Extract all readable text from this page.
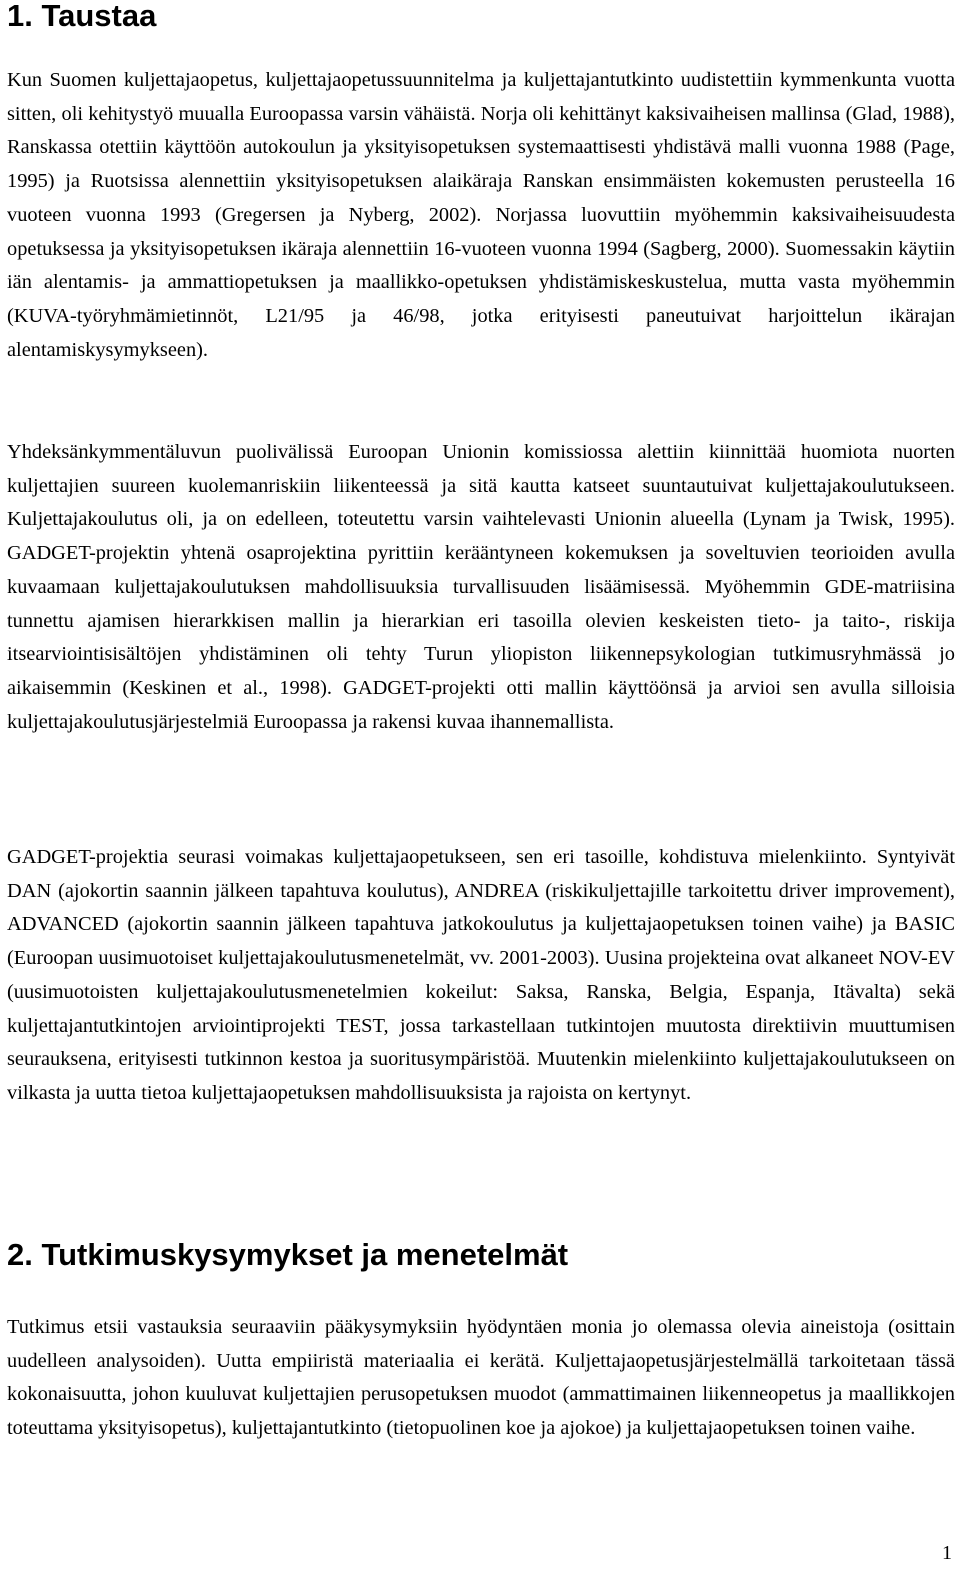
1. Taustaa

Kun Suomen kuljettajaopetus, kuljettajaopetussuunnitelma ja kuljettajantutkinto uudistettiin kymmenkunta vuotta sitten, oli kehitystyö muualla Euroopassa varsin vähäistä. Norja oli kehittänyt kaksivaiheisen mallinsa (Glad, 1988), Ranskassa otettiin käyttöön autokoulun ja yksityisopetuksen systemaattisesti yhdistävä malli vuonna 1988 (Page, 1995) ja Ruotsissa alennettiin yksityisopetuksen alaikäraja Ranskan ensimmäisten kokemusten perusteella 16 vuoteen vuonna 1993 (Gregersen ja Nyberg, 2002). Norjassa luovuttiin myöhemmin kaksivaiheisuudesta opetuksessa ja yksityisopetuksen ikäraja alennettiin 16-vuoteen vuonna 1994 (Sagberg, 2000). Suomessakin käytiin iän alentamis- ja ammattiopetuksen ja maallikko-opetuksen yhdistämiskeskustelua, mutta vasta myöhemmin (KUVA-työryhmämietinnöt, L21/95 ja 46/98, jotka erityisesti paneutuivat harjoittelun ikärajan alentamiskysymykseen).

Yhdeksänkymmentäluvun puolivälissä Euroopan Unionin komissiossa alettiin kiinnittää huomiota nuorten kuljettajien suureen kuolemanriskiin liikenteessä ja sitä kautta katseet suuntautuivat kuljettajakoulutukseen. Kuljettajakoulutus oli, ja on edelleen, toteutettu varsin vaihtelevasti Unionin alueella (Lynam ja Twisk, 1995). GADGET-projektin yhtenä osaprojektina pyrittiin kerääntyneen kokemuksen ja soveltuvien teorioiden avulla kuvaamaan kuljettajakoulutuksen mahdollisuuksia turvallisuuden lisäämisessä. Myöhemmin GDE-matriisina tunnettu ajamisen hierarkkisen mallin ja hierarkian eri tasoilla olevien keskeisten tieto- ja taito-, riskija itsearviointisisältöjen yhdistäminen oli tehty Turun yliopiston liikennepsykologian tutkimusryhmässä jo aikaisemmin (Keskinen et al., 1998). GADGET-projekti otti mallin käyttöönsä ja arvioi sen avulla silloisia kuljettajakoulutusjärjestelmiä Euroopassa ja rakensi kuvaa ihannemallista.

GADGET-projektia seurasi voimakas kuljettajaopetukseen, sen eri tasoille, kohdistuva mielenkiinto. Syntyivät DAN (ajokortin saannin jälkeen tapahtuva koulutus), ANDREA (riskikuljettajille tarkoitettu driver improvement), ADVANCED (ajokortin saannin jälkeen tapahtuva jatkokoulutus ja kuljettajaopetuksen toinen vaihe) ja BASIC (Euroopan uusimuotoiset kuljettajakoulutusmenetelmät, vv. 2001-2003). Uusina projekteina ovat alkaneet NOV-EV (uusimuotoisten kuljettajakoulutusmenetelmien kokeilut: Saksa, Ranska, Belgia, Espanja, Itävalta) sekä kuljettajantutkintojen arviointiprojekti TEST, jossa tarkastellaan tutkintojen muutosta direktiivin muuttumisen seurauksena, erityisesti tutkinnon kestoa ja suoritusympäristöä. Muutenkin mielenkiinto kuljettajakoulutukseen on vilkasta ja uutta tietoa kuljettajaopetuksen mahdollisuuksista ja rajoista on kertynyt.

2. Tutkimuskysymykset ja menetelmät

Tutkimus etsii vastauksia seuraaviin pääkysymyksiin hyödyntäen monia jo olemassa olevia aineistoja (osittain uudelleen analysoiden). Uutta empiiristä materiaalia ei kerätä. Kuljettajaopetusjärjestelmällä tarkoitetaan tässä kokonaisuutta, johon kuuluvat kuljettajien perusopetuksen muodot (ammattimainen liikenneopetus ja maallikkojen toteuttama yksityisopetus), kuljettajantutkinto (tietopuolinen koe ja ajokoe) ja kuljettajaopetuksen toinen vaihe.

1
